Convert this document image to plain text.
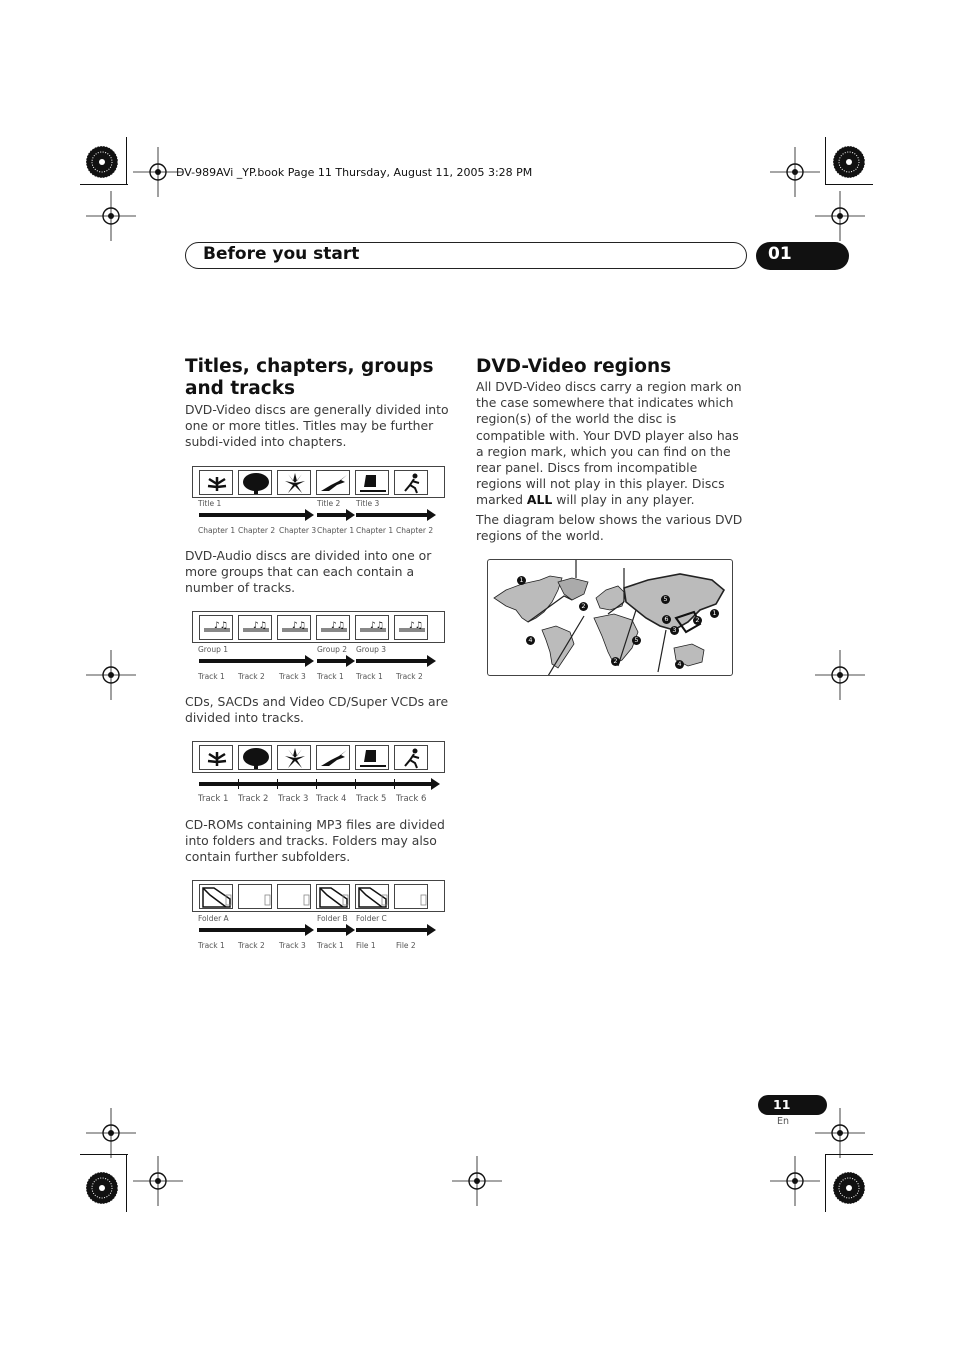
DV-989AVi _YP.book Page 11 Thursday, August 11, 2005 3:28 PM
Before you start	01
Titles, chapters, groups and tracks

DVD-Video discs are generally divided into one or more titles. Titles may be further subdi-vided into chapters.

Title 1	Title 2 Title 3
Chapter 1 Chapter 2 Chapter 3 Chapter 1 Chapter 1 Chapter 2

DVD-Audio discs are divided into one or more groups that can each contain a number of tracks.

♪♫	♪♫	♪♫	♪♫	♪♫	♪♫
Group 1	Group 2 Group 3
Track 1 Track 2 Track 3 Track 1 Track 1 Track 2

CDs, SACDs and Video CD/Super VCDs are divided into tracks.

Track 1 Track 2 Track 3 Track 4 Track 5 Track 6

CD-ROMs containing MP3 files are divided into folders and tracks. Folders may also contain further subfolders.

Folder A	Folder B Folder C
Track 1 Track 2 Track 3 Track 1 File 1	File 2
DVD-Video regions

All DVD-Video discs carry a region mark on the case somewhere that indicates which region(s) of the world the disc is compatible with. Your DVD player also has a region mark, which you can find on the rear panel. Discs from incompatible regions will not play in this player. Discs marked ALL will play in any player.

The diagram below shows the various DVD regions of the world.

1
2
1
5
6
3
2
4	5
2	4
11
En
